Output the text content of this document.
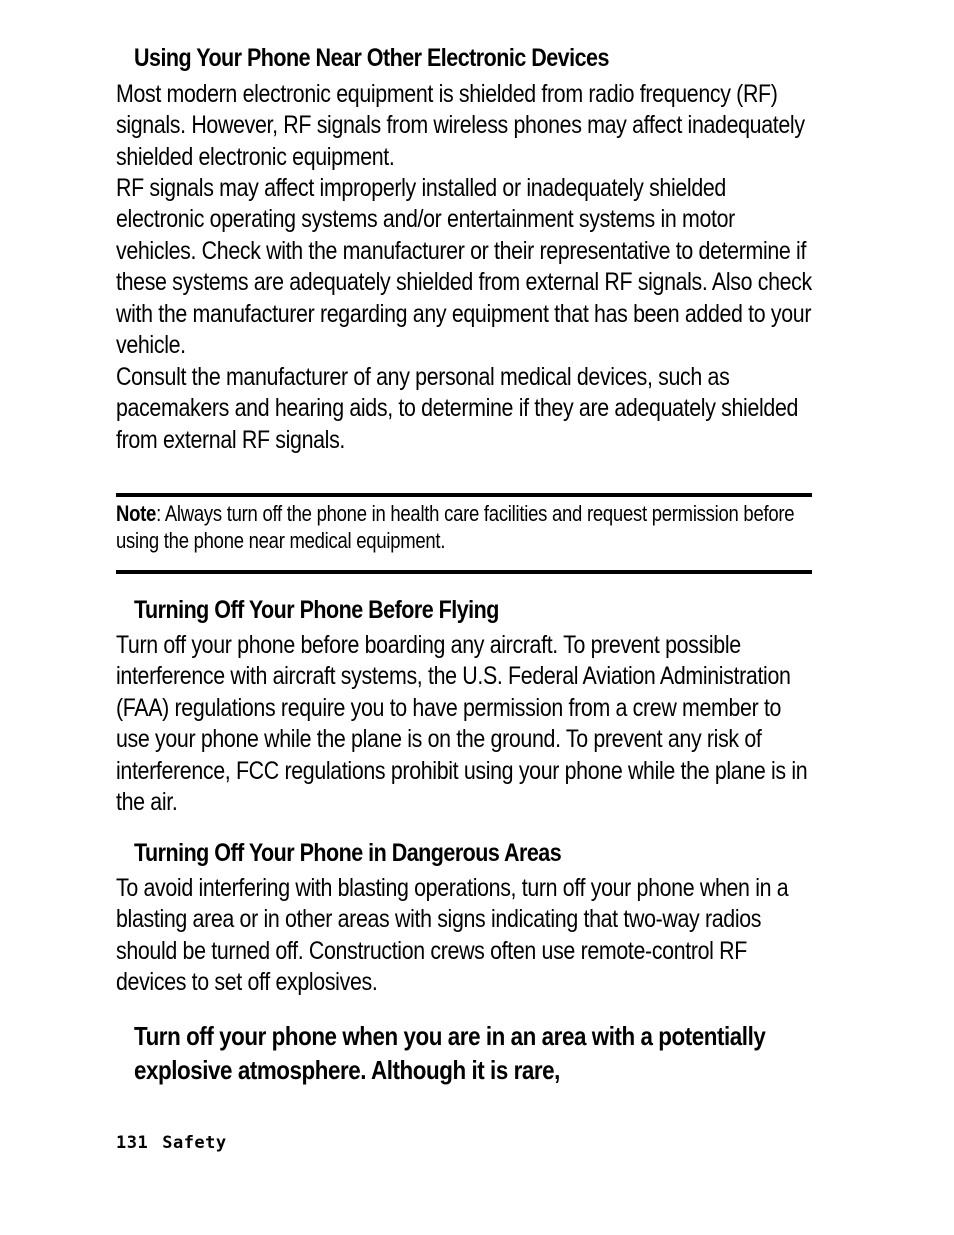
Using Your Phone Near Other Electronic Devices

Most modern electronic equipment is shielded from radio frequency (RF) signals. However, RF signals from wireless phones may affect inadequately shielded electronic equipment.

RF signals may affect improperly installed or inadequately shielded electronic operating systems and/or entertainment systems in motor vehicles. Check with the manufacturer or their representative to determine if these systems are adequately shielded from external RF signals. Also check with the manufacturer regarding any equipment that has been added to your vehicle.

Consult the manufacturer of any personal medical devices, such as pacemakers and hearing aids, to determine if they are adequately shielded from external RF signals.

Note: Always turn off the phone in health care facilities and request permission before using the phone near medical equipment.

Turning Off Your Phone Before Flying

Turn off your phone before boarding any aircraft. To prevent possible interference with aircraft systems, the U.S. Federal Aviation Administration (FAA) regulations require you to have permission from a crew member to use your phone while the plane is on the ground. To prevent any risk of interference, FCC regulations prohibit using your phone while the plane is in the air.

Turning Off Your Phone in Dangerous Areas

To avoid interfering with blasting operations, turn off your phone when in a blasting area or in other areas with signs indicating that two-way radios should be turned off. Construction crews often use remote-control RF devices to set off explosives.

Turn off your phone when you are in an area with a potentially explosive atmosphere. Although it is rare,

131 Safety
